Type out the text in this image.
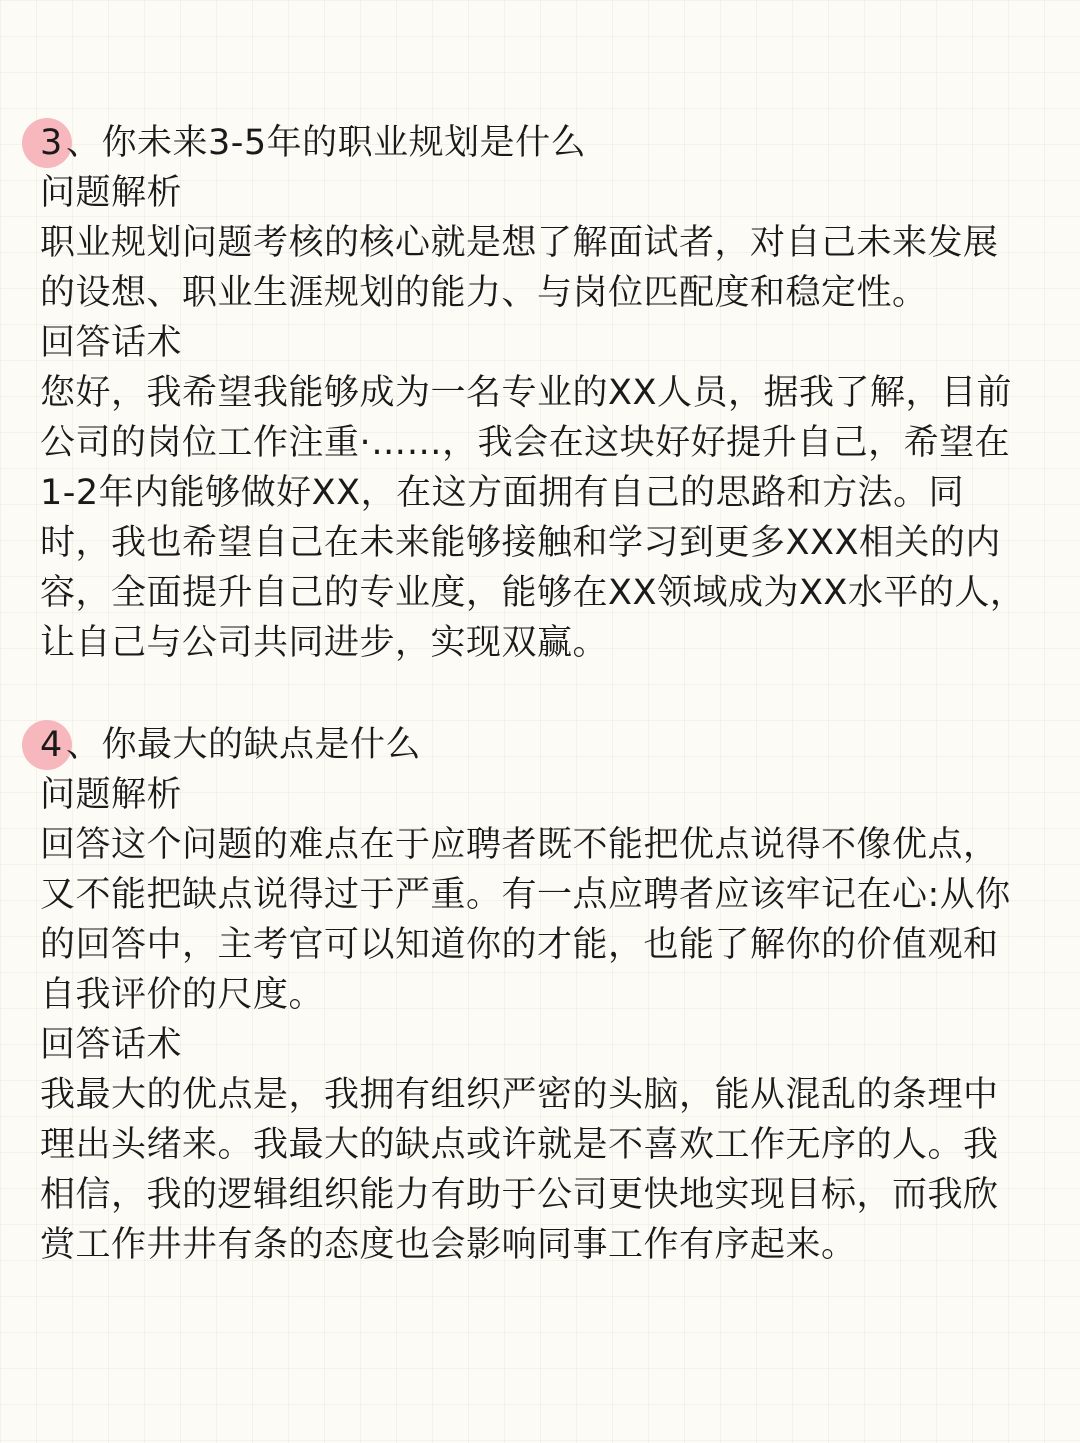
3 、你未来3-5年的职业规划是什么
问题解析
职业规划问题考核的核心就是想了解面试者，对自己未来发展
的设想、职业生涯规划的能力、与岗位匹配度和稳定性。
回答话术
您好，我希望我能够成为一名专业的XX人员，据我了解，目前
公司的岗位工作注重·……，我会在这块好好提升自己，希望在
1-2年内能够做好XX，在这方面拥有自己的思路和方法。同
时，我也希望自己在未来能够接触和学习到更多XXX相关的内
容，全面提升自己的专业度，能够在XX领域成为XX水平的人，
让自己与公司共同进步，实现双赢。
4 、你最大的缺点是什么
问题解析
回答这个问题的难点在于应聘者既不能把优点说得不像优点，
又不能把缺点说得过于严重。有一点应聘者应该牢记在心:从你
的回答中，主考官可以知道你的才能，也能了解你的价值观和
自我评价的尺度。
回答话术
我最大的优点是，我拥有组织严密的头脑，能从混乱的条理中
理出头绪来。我最大的缺点或许就是不喜欢工作无序的人。我
相信，我的逻辑组织能力有助于公司更快地实现目标，而我欣
赏工作井井有条的态度也会影响同事工作有序起来。
